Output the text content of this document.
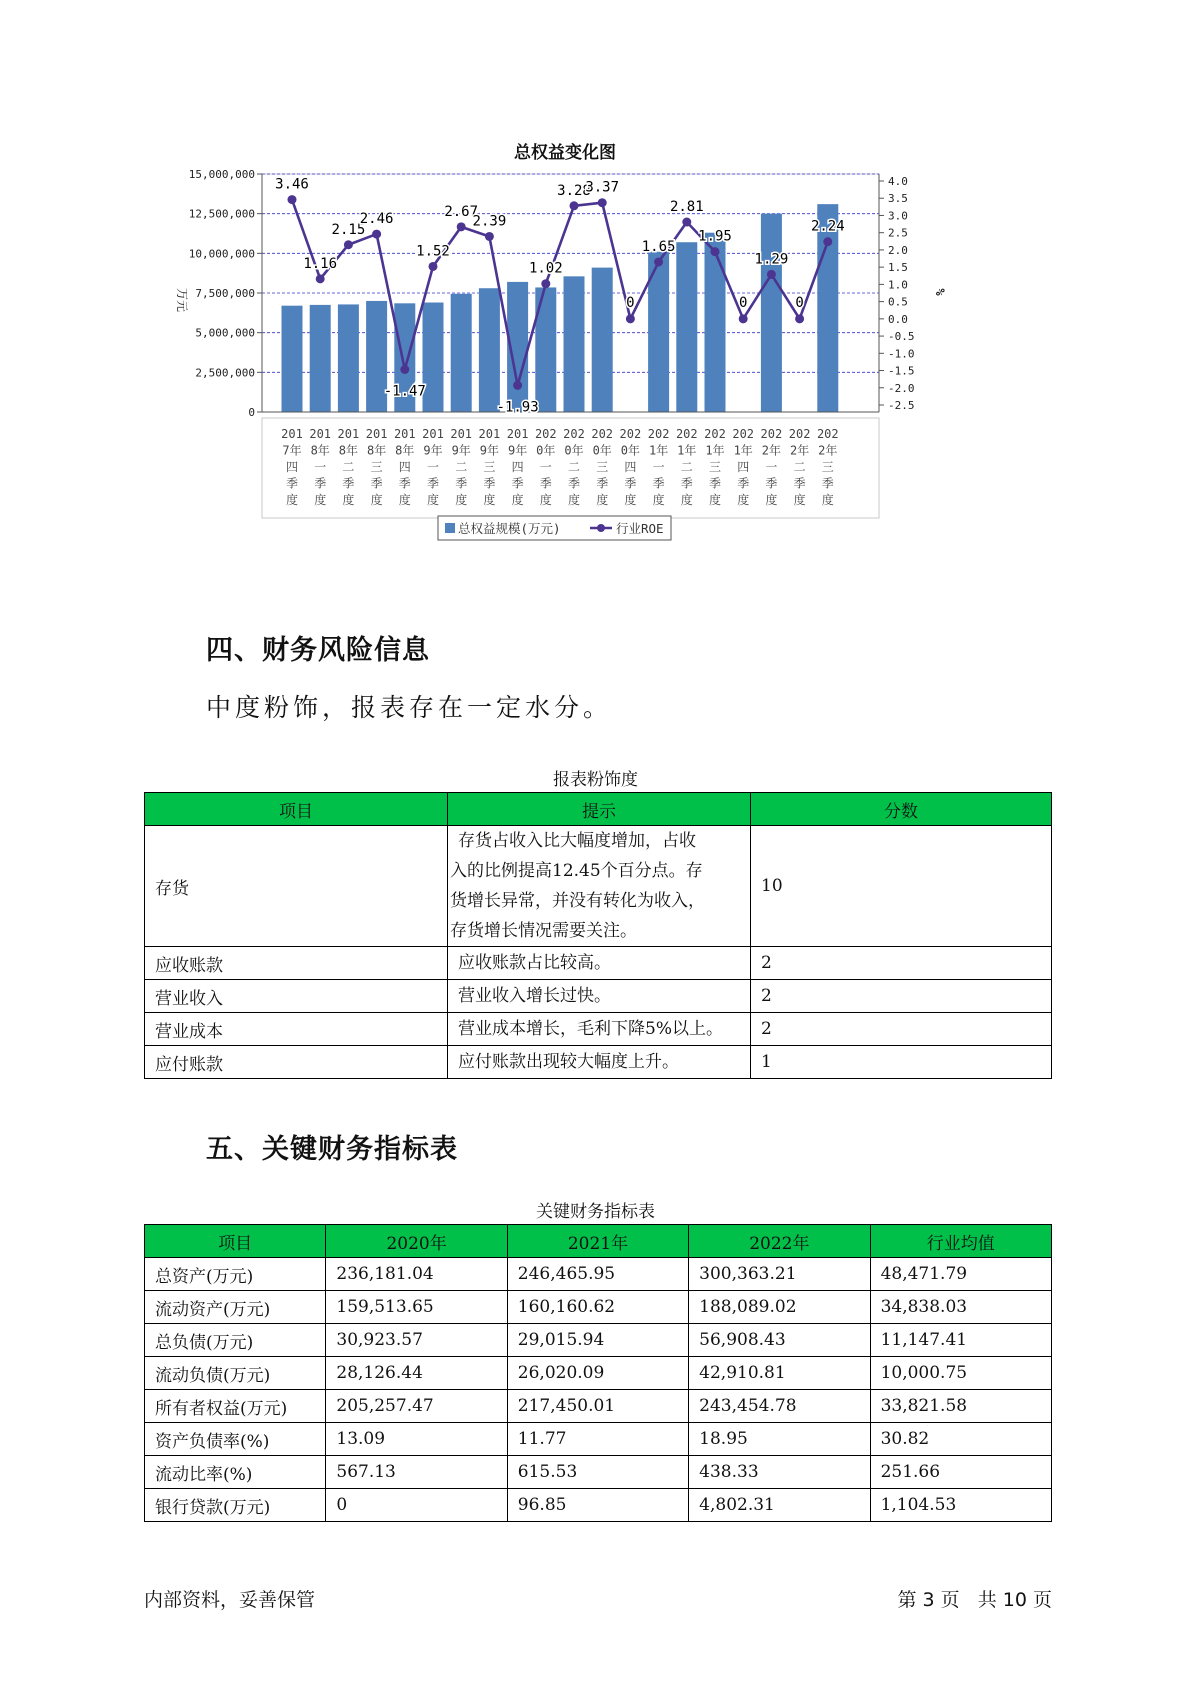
总权益变化图
15,000,000
12,500,000
10,000,000
7,500,000
5,000,000
2,500,000
0
4.0
3.5
3.0
2.5
2.0
1.5
1.0
0.5
0.0
-0.5
-1.0
-1.5
-2.0
-2.5
万元	%
201
7年
四
季
度
201
8年
一
季
度
201
8年
二
季
度
201
8年
三
季
度
201
8年
四
季
度
201
9年
一
季
度
201
9年
二
季
度
201
9年
三
季
度
201
9年
四
季
度
202
0年
一
季
度
202
0年
二
季
度
202
0年
三
季
度
202
0年
四
季
度
202
1年
一
季
度
202
1年
二
季
度
202
1年
三
季
度
202
1年
四
季
度
202
2年
一
季
度
202
2年
二
季
度
202
2年
三
季
度
3.46
1.16
2.15
2.46
-1.47
1.52
2.67
2.39
-1.93
1.02
3.28
3.37
0
1.65
2.81
1.95
0
1.29
0
2.24
总权益规模(万元)	行业ROE
四、财务风险信息
中度粉饰，报表存在一定水分。
报表粉饰度
项目	提示	分数
存货	存货占收入比大幅度增加，占收
入的比例提高12.45个百分点。存
货增长异常，并没有转化为收入，
存货增长情况需要关注。	10
应收账款	应收账款占比较高。	2
营业收入	营业收入增长过快。	2
营业成本	营业成本增长，毛利下降5%以上。	2
应付账款	应付账款出现较大幅度上升。	1
五、关键财务指标表
关键财务指标表
项目	2020年	2021年	2022年	行业均值
总资产(万元)	236,181.04	246,465.95	300,363.21	48,471.79
流动资产(万元)	159,513.65	160,160.62	188,089.02	34,838.03
总负债(万元)	30,923.57	29,015.94	56,908.43	11,147.41
流动负债(万元)	28,126.44	26,020.09	42,910.81	10,000.75
所有者权益(万元)	205,257.47	217,450.01	243,454.78	33,821.58
资产负债率(%)	13.09	11.77	18.95	30.82
流动比率(%)	567.13	615.53	438.33	251.66
银行贷款(万元)	0	96.85	4,802.31	1,104.53
内部资料，妥善保管	第 3 页   共 10 页
